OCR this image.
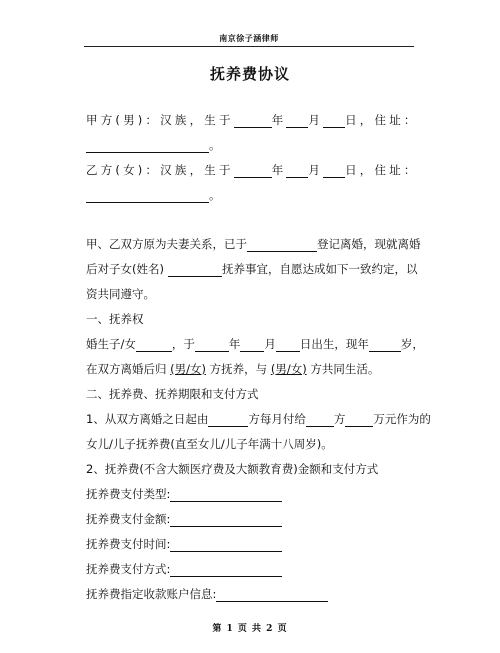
南京徐子涵律师
抚养费协议
甲方(男)：汉族，生于	年 月 日，住址：
。
乙方(女)：汉族，生于	年 月 日，住址：
。
甲、乙双方原为夫妻关系，已于	登记离婚，现就离婚
后对子女(姓名)	抚养事宜，自愿达成如下一致约定，以
资共同遵守。
一、抚养权
婚生子/女	，于	年 月 日出生，现年	岁，
在双方离婚后归 (男/女) 方抚养，与 (男/女) 方共同生活。
二、抚养费、抚养期限和支付方式
1、从双方离婚之日起由	方每月付给 方 万元作为的
女儿/儿子抚养费(直至女儿/儿子年满十八周岁)。
2、抚养费(不含大额医疗费及大额教育费)金额和支付方式
抚养费支付类型:
抚养费支付金额:
抚养费支付时间:
抚养费支付方式:
抚养费指定收款账户信息:
第 1 页 共 2 页
